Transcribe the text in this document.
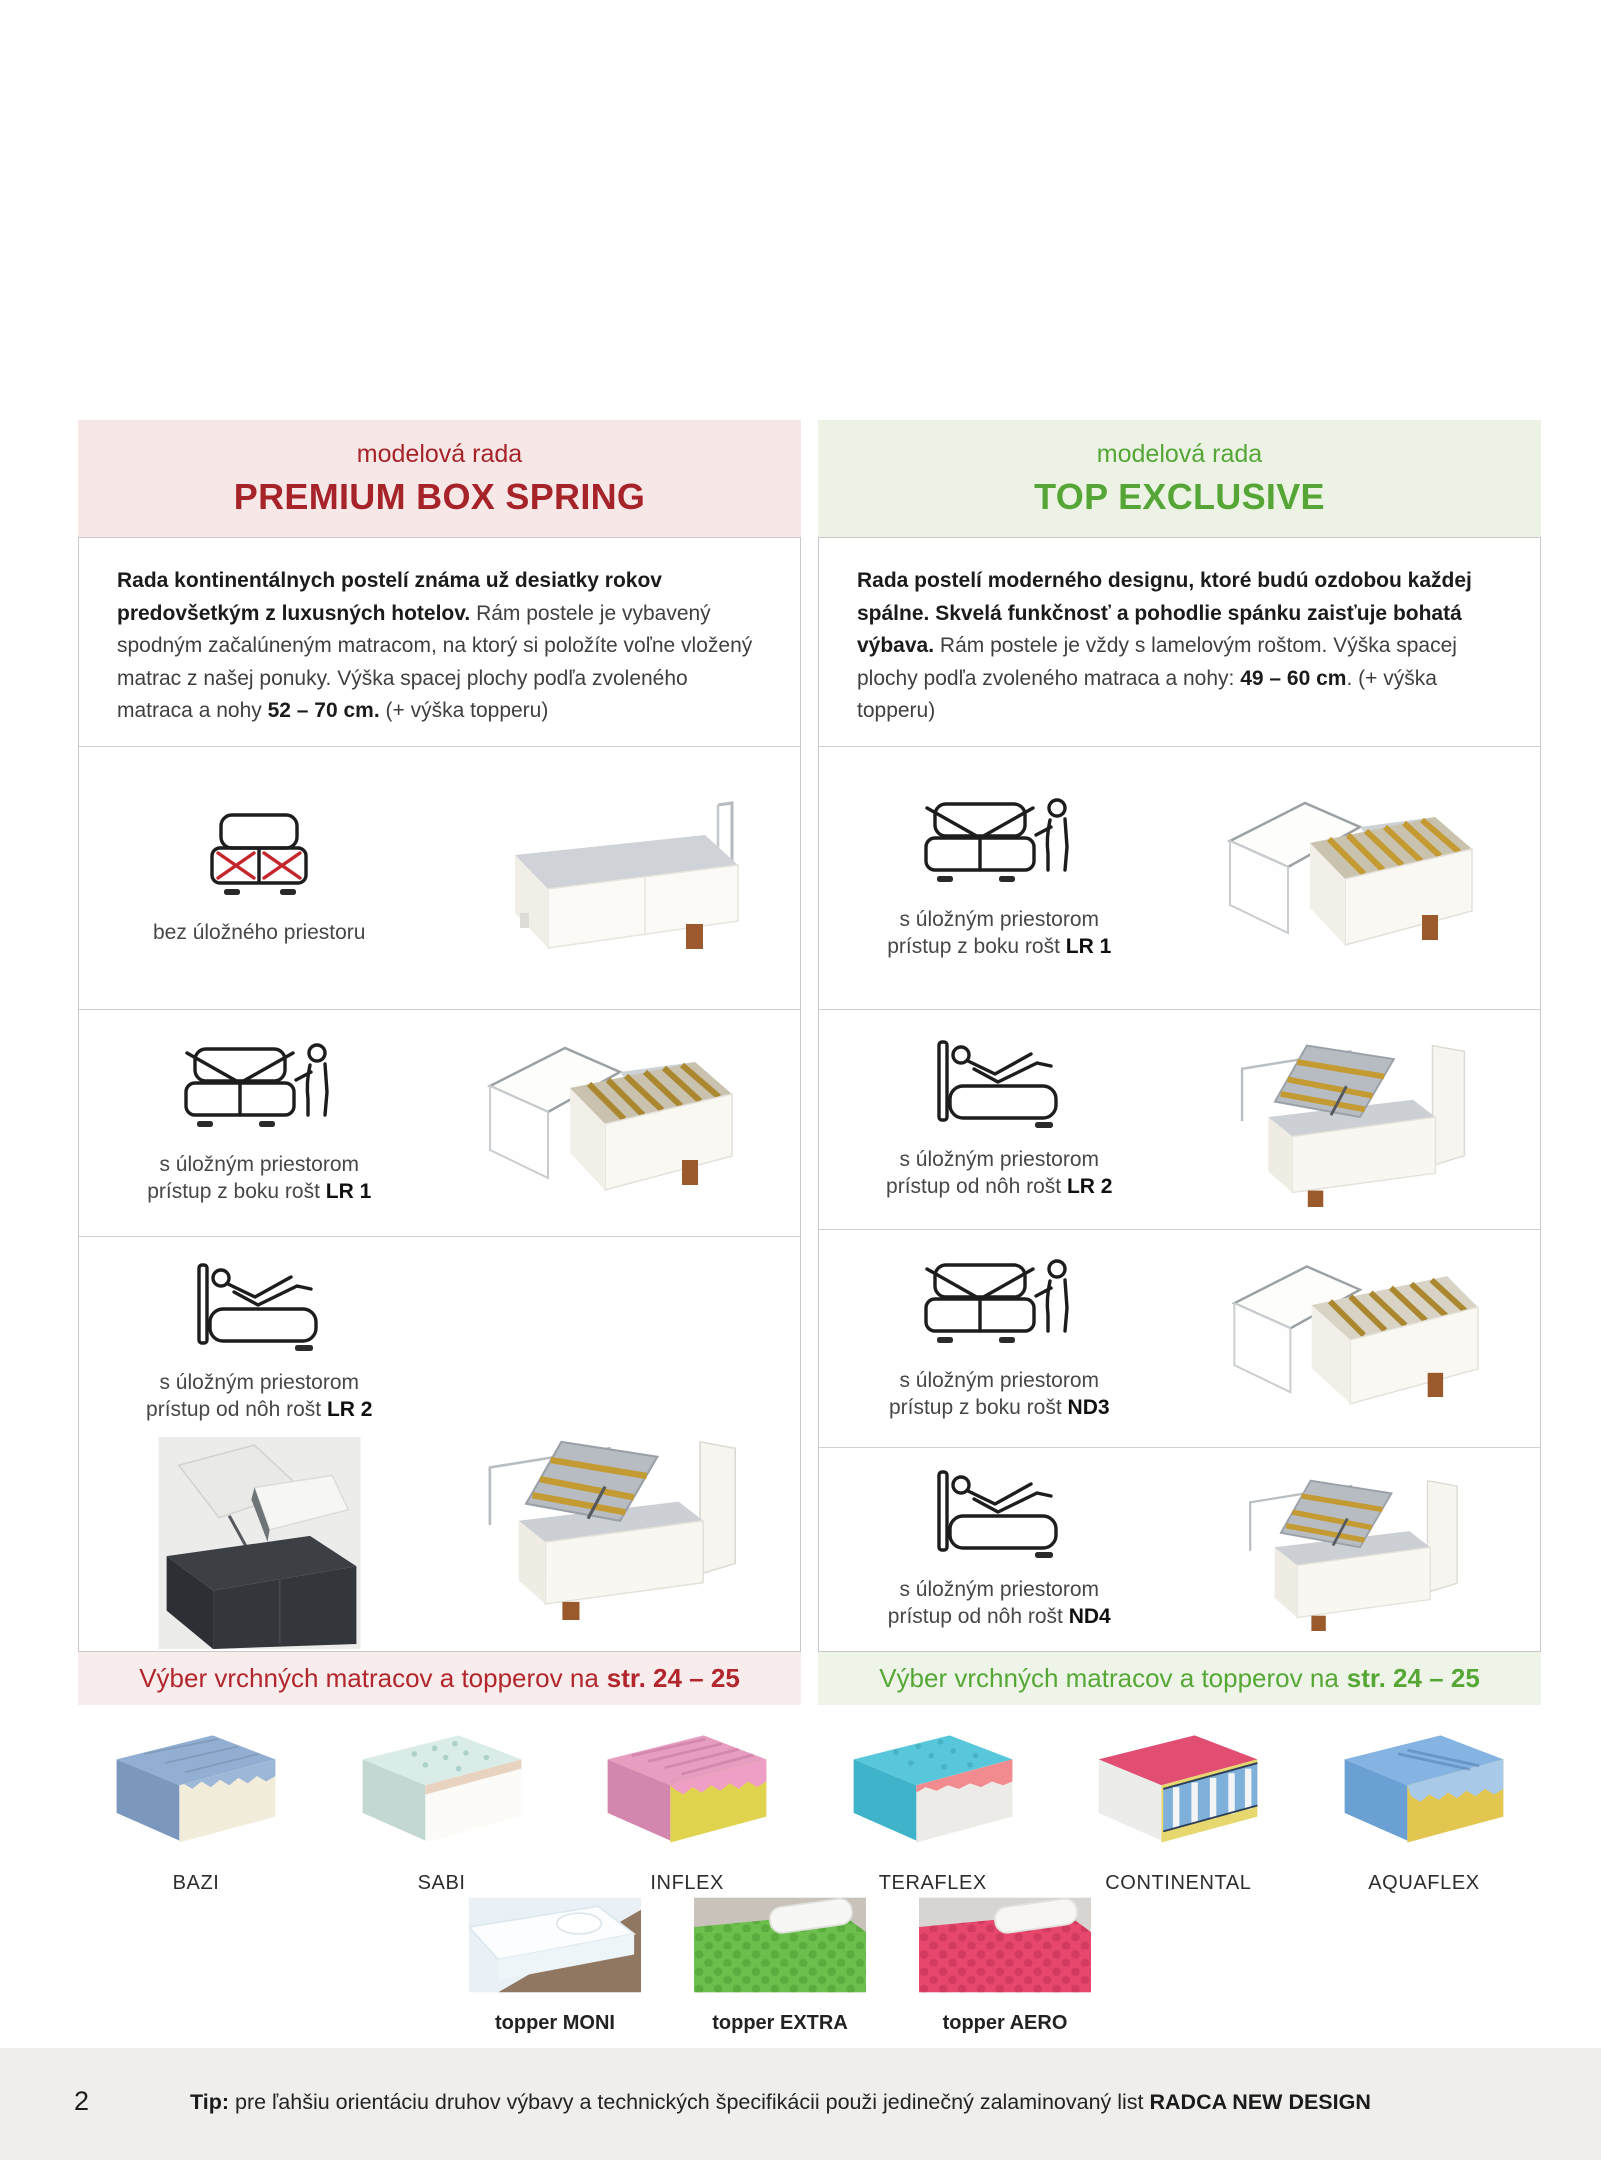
modelová rada
PREMIUM BOX SPRING
Rada kontinentálnych postelí známa už desiatky rokov predovšetkým z luxusných hotelov. Rám postele je vybavený spodným začalúneným matracom, na ktorý si položíte voľne vložený matrac z našej ponuky. Výška spacej plochy podľa zvoleného matraca a nohy 52 – 70 cm. (+ výška topperu)
bez úložného priestoru
s úložným priestorom
prístup z boku rošt LR 1
s úložným priestorom
prístup od nôh rošt LR 2
Výber vrchných matracov a topperov na str. 24 – 25
modelová rada
TOP EXCLUSIVE
Rada postelí moderného designu, ktoré budú ozdobou každej spálne. Skvelá funkčnosť a pohodlie spánku zaisťuje bohatá výbava. Rám postele je vždy s lamelovým roštom. Výška spacej plochy podľa zvoleného matraca a nohy: 49 – 60 cm. (+ výška topperu)
s úložným priestorom
prístup z boku rošt LR 1
s úložným priestorom
prístup od nôh rošt LR 2
s úložným priestorom
prístup z boku rošt ND3
s úložným priestorom
prístup od nôh rošt ND4
Výber vrchných matracov a topperov na str. 24 – 25
BAZI	SABI	INFLEX	TERAFLEX	CONTINENTAL	AQUAFLEX
topper MONI	topper EXTRA	topper AERO
2	Tip: pre ľahšiu orientáciu druhov výbavy a technických špecifikácii použi jedinečný zalaminovaný list RADCA NEW DESIGN
